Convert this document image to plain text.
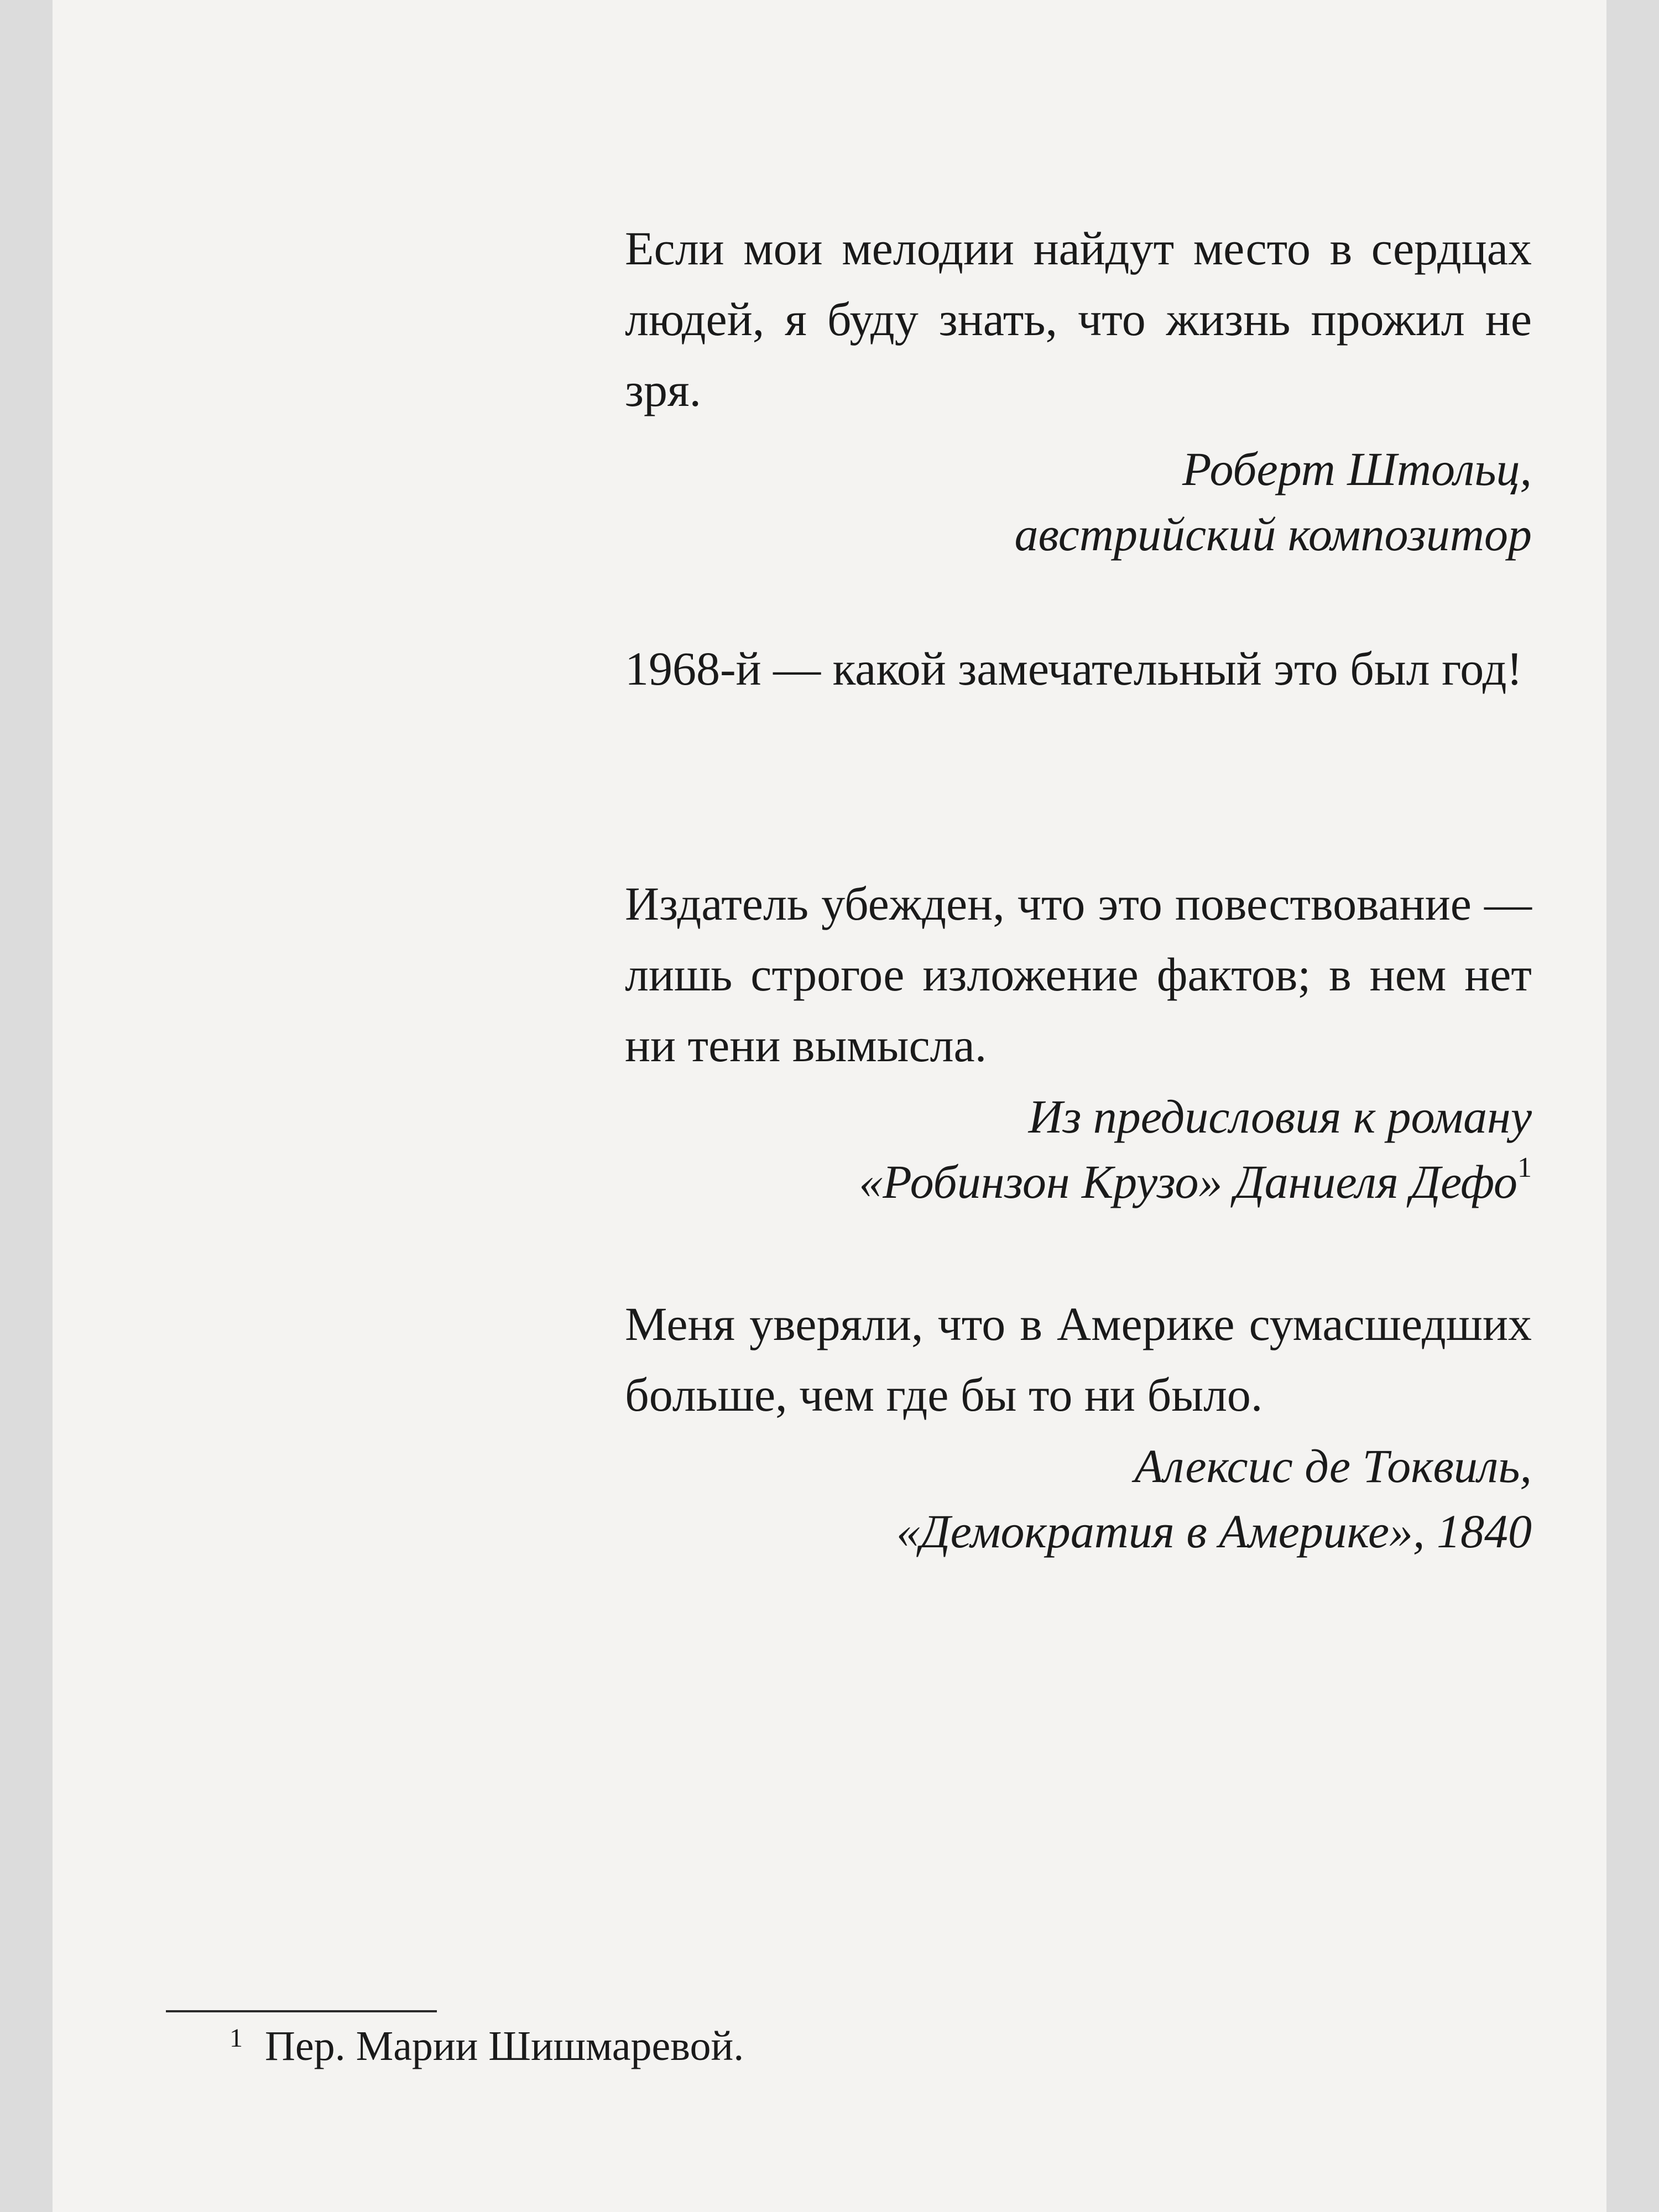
Если мои мелодии найдут место в сердцах людей, я буду знать, что жизнь прожил не зря.

Роберт Штольц,
австрийский композитор

1968-й — какой замечательный это был год!

Издатель убежден, что это повествование — лишь строгое изложение фактов; в нем нет ни тени вымысла.

Из предисловия к роману
«Робинзон Крузо» Даниеля Дефо$^1$

Меня уверяли, что в Америке сумасшедших больше, чем где бы то ни было.

Алексис де Токвиль,
«Демократия в Америке», 1840

$^1$ Пер. Марии Шишмаревой.
